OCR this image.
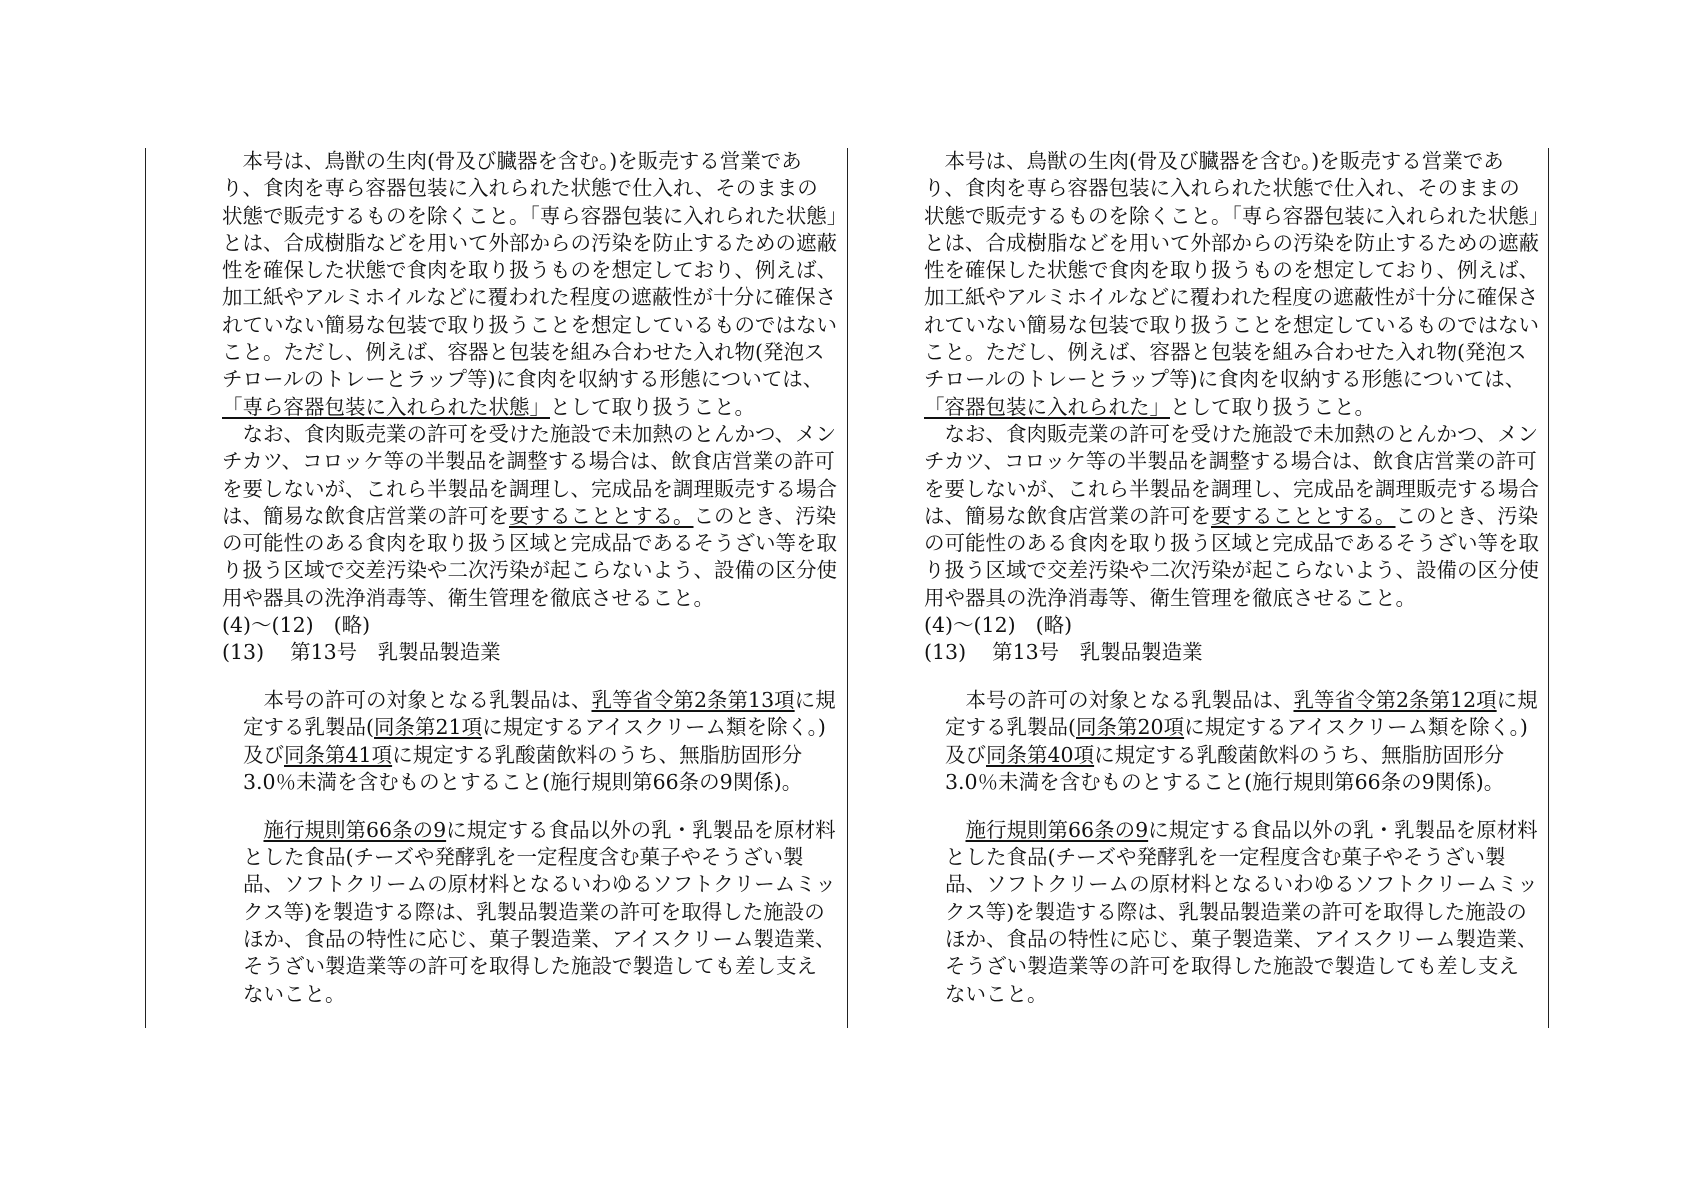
本号は、鳥獣の生肉(骨及び臓器を含む。)を販売する営業であり、食肉を専ら容器包装に入れられた状態で仕入れ、そのままの状態で販売するものを除くこと。「専ら容器包装に入れられた状態」とは、合成樹脂などを用いて外部からの汚染を防止するための遮蔽性を確保した状態で食肉を取り扱うものを想定しており、例えば、加工紙やアルミホイルなどに覆われた程度の遮蔽性が十分に確保されていない簡易な包装で取り扱うことを想定しているものではないこと。ただし、例えば、容器と包装を組み合わせた入れ物(発泡スチロールのトレーとラップ等)に食肉を収納する形態については、「専ら容器包装に入れられた状態」として取り扱うこと。

なお、食肉販売業の許可を受けた施設で未加熱のとんかつ、メンチカツ、コロッケ等の半製品を調整する場合は、飲食店営業の許可を要しないが、これら半製品を調理し、完成品を調理販売する場合は、簡易な飲食店営業の許可を要することとする。このとき、汚染の可能性のある食肉を取り扱う区域と完成品であるそうざい等を取り扱う区域で交差汚染や二次汚染が起こらないよう、設備の区分使用や器具の洗浄消毒等、衛生管理を徹底させること。

(4)～(12) (略)

(13) 第13号　乳製品製造業

本号の許可の対象となる乳製品は、乳等省令第2条第13項に規定する乳製品(同条第21項に規定するアイスクリーム類を除く。)及び同条第41項に規定する乳酸菌飲料のうち、無脂肪固形分3.0％未満を含むものとすること(施行規則第66条の9関係)。

施行規則第66条の9に規定する食品以外の乳・乳製品を原材料とした食品(チーズや発酵乳を一定程度含む菓子やそうざい製品、ソフトクリームの原材料となるいわゆるソフトクリームミックス等)を製造する際は、乳製品製造業の許可を取得した施設のほか、食品の特性に応じ、菓子製造業、アイスクリーム製造業、そうざい製造業等の許可を取得した施設で製造しても差し支えないこと。

本号は、鳥獣の生肉(骨及び臓器を含む。)を販売する営業であり、食肉を専ら容器包装に入れられた状態で仕入れ、そのままの状態で販売するものを除くこと。「専ら容器包装に入れられた状態」とは、合成樹脂などを用いて外部からの汚染を防止するための遮蔽性を確保した状態で食肉を取り扱うものを想定しており、例えば、加工紙やアルミホイルなどに覆われた程度の遮蔽性が十分に確保されていない簡易な包装で取り扱うことを想定しているものではないこと。ただし、例えば、容器と包装を組み合わせた入れ物(発泡スチロールのトレーとラップ等)に食肉を収納する形態については、「容器包装に入れられた」として取り扱うこと。

なお、食肉販売業の許可を受けた施設で未加熱のとんかつ、メンチカツ、コロッケ等の半製品を調整する場合は、飲食店営業の許可を要しないが、これら半製品を調理し、完成品を調理販売する場合は、簡易な飲食店営業の許可を要することとする。このとき、汚染の可能性のある食肉を取り扱う区域と完成品であるそうざい等を取り扱う区域で交差汚染や二次汚染が起こらないよう、設備の区分使用や器具の洗浄消毒等、衛生管理を徹底させること。

(4)～(12) (略)

(13) 第13号　乳製品製造業

本号の許可の対象となる乳製品は、乳等省令第2条第12項に規定する乳製品(同条第20項に規定するアイスクリーム類を除く。)及び同条第40項に規定する乳酸菌飲料のうち、無脂肪固形分3.0％未満を含むものとすること(施行規則第66条の9関係)。

施行規則第66条の9に規定する食品以外の乳・乳製品を原材料とした食品(チーズや発酵乳を一定程度含む菓子やそうざい製品、ソフトクリームの原材料となるいわゆるソフトクリームミックス等)を製造する際は、乳製品製造業の許可を取得した施設のほか、食品の特性に応じ、菓子製造業、アイスクリーム製造業、そうざい製造業等の許可を取得した施設で製造しても差し支えないこと。
